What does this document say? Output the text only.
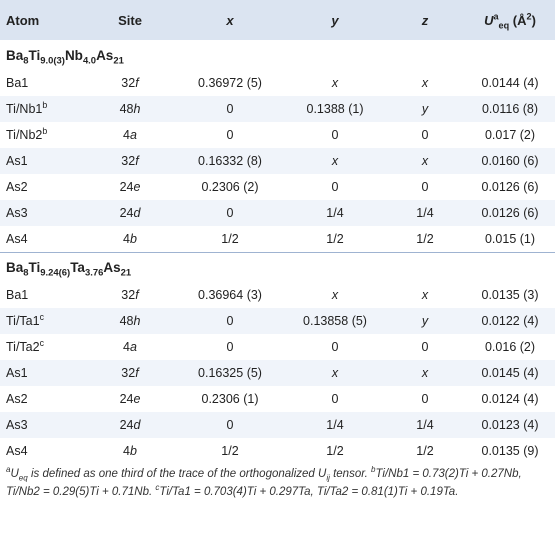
Atom	Site	x	y	z	$U^a_{eq}$ $(Å^2)$
$Ba_8Ti_{9.0(3)}Nb_{4.0}As_{21}$
Ba1	32f	0.36972 (5)	x	x	0.0144 (4)
Ti/Nb1$^b$	48h	0	0.1388 (1)	y	0.0116 (8)
Ti/Nb2$^b$	4a	0	0	0	0.017 (2)
As1	32f	0.16332 (8)	x	x	0.0160 (6)
As2	24e	0.2306 (2)	0	0	0.0126 (6)
As3	24d	0	1/4	1/4	0.0126 (6)
As4	4b	1/2	1/2	1/2	0.015 (1)
$Ba_8Ti_{9.24(6)}Ta_{3.76}As_{21}$
Ba1	32f	0.36964 (3)	x	x	0.0135 (3)
Ti/Ta1$^c$	48h	0	0.13858 (5)	y	0.0122 (4)
Ti/Ta2$^c$	4a	0	0	0	0.016 (2)
As1	32f	0.16325 (5)	x	x	0.0145 (4)
As2	24e	0.2306 (1)	0	0	0.0124 (4)
As3	24d	0	1/4	1/4	0.0123 (4)
As4	4b	1/2	1/2	1/2	0.0135 (9)

$^aU_{eq}$ is defined as one third of the trace of the orthogonalized $U_{ij}$ tensor. $^b$Ti/Nb1 = 0.73(2)Ti + 0.27Nb, Ti/Nb2 = 0.29(5)Ti + 0.71Nb. $^c$Ti/Ta1 = 0.703(4)Ti + 0.297Ta, Ti/Ta2 = 0.81(1)Ti + 0.19Ta.
